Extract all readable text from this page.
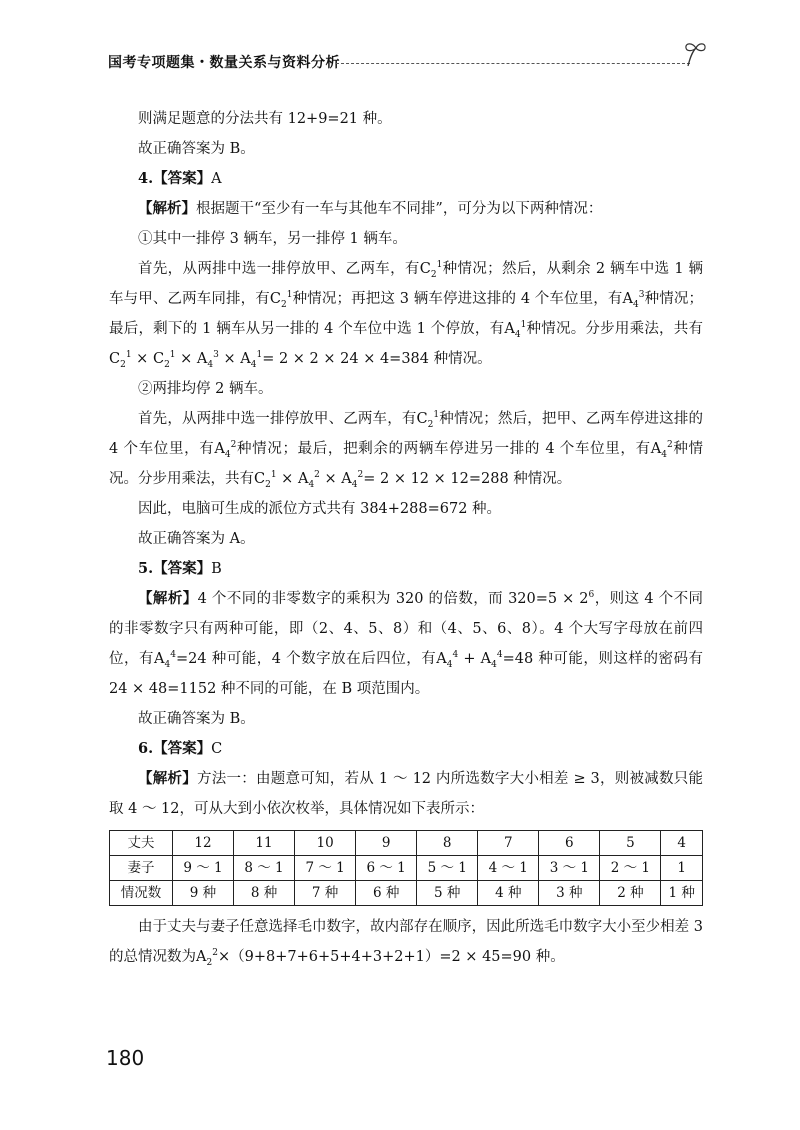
国考专项题集・数量关系与资料分析

则满足题意的分法共有 12+9=21 种。

故正确答案为 B。

4.【答案】A

【解析】根据题干“至少有一车与其他车不同排”，可分为以下两种情况：

①其中一排停 3 辆车，另一排停 1 辆车。

首先，从两排中选一排停放甲、乙两车，有$C_2^1$种情况；然后，从剩余 2 辆车中选 1 辆车与甲、乙两车同排，有$C_2^1$种情况；再把这 3 辆车停进这排的 4 个车位里，有$A_4^3$种情况；最后，剩下的 1 辆车从另一排的 4 个车位中选 1 个停放，有$A_4^1$种情况。分步用乘法，共有$C_2^1 \times C_2^1 \times A_4^3 \times A_4^1= 2 \times 2 \times 24 \times 4=384$ 种情况。

②两排均停 2 辆车。

首先，从两排中选一排停放甲、乙两车，有$C_2^1$种情况；然后，把甲、乙两车停进这排的 4 个车位里，有$A_4^2$种情况；最后，把剩余的两辆车停进另一排的 4 个车位里，有$A_4^2$种情况。分步用乘法，共有$C_2^1 \times A_4^2 \times A_4^2= 2 \times 12 \times 12=288$ 种情况。

因此，电脑可生成的派位方式共有 384+288=672 种。

故正确答案为 A。

5.【答案】B

【解析】4 个不同的非零数字的乘积为 320 的倍数，而 $320=5 \times 2^6$，则这 4 个不同的非零数字只有两种可能，即（2、4、5、8）和（4、5、6、8）。4 个大写字母放在前四位，有$A_4^4=24$ 种可能，4 个数字放在后四位，有$A_4^4 + A_4^4=48$ 种可能，则这样的密码有 24 × 48=1152 种不同的可能，在 B 项范围内。

故正确答案为 B。

6.【答案】C

【解析】方法一：由题意可知，若从 1 ～ 12 内所选数字大小相差 ≥ 3，则被减数只能取 4 ～ 12，可从大到小依次枚举，具体情况如下表所示：

丈夫	12	11	10	9	8	7	6	5	4
妻子	9 ～ 1	8 ～ 1	7 ～ 1	6 ～ 1	5 ～ 1	4 ～ 1	3 ～ 1	2 ～ 1	1
情况数	9 种	8 种	7 种	6 种	5 种	4 种	3 种	2 种	1 种

由于丈夫与妻子任意选择毛巾数字，故内部存在顺序，因此所选毛巾数字大小至少相差 3 的总情况数为$A_2^2\times(9+8+7+6+5+4+3+2+1)=2 \times 45=90$ 种。

180
